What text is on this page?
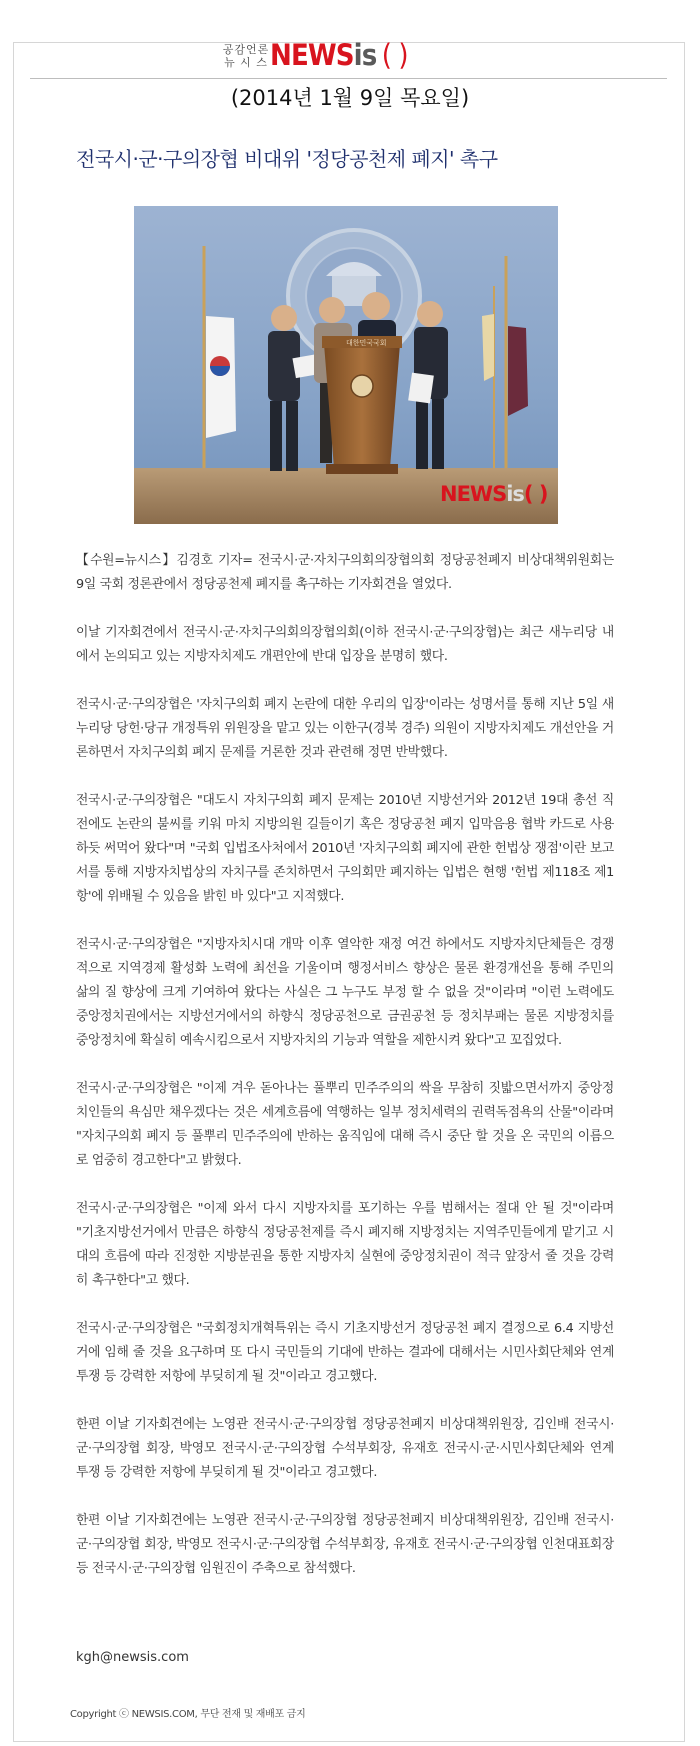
공감언론
뉴 시 스 NEWSis ( )
(2014년 1월 9일 목요일)
전국시·군·구의장협 비대위 '정당공천제 폐지' 촉구
대한민국국회
NEWSis( )

【수원=뉴시스】김경호 기자= 전국시·군·자치구의회의장협의회 정당공천폐지 비상대책위원회는 9일 국회 정론관에서 정당공천제 폐지를 촉구하는 기자회견을 열었다.

이날 기자회견에서 전국시·군·자치구의회의장협의회(이하 전국시·군·구의장협)는 최근 새누리당 내에서 논의되고 있는 지방자치제도 개편안에 반대 입장을 분명히 했다.

전국시·군·구의장협은 '자치구의회 폐지 논란에 대한 우리의 입장'이라는 성명서를 통해 지난 5일 새누리당 당헌·당규 개정특위 위원장을 맡고 있는 이한구(경북 경주) 의원이 지방자치제도 개선안을 거론하면서 자치구의회 폐지 문제를 거론한 것과 관련해 정면 반박했다.

전국시·군·구의장협은 "대도시 자치구의회 폐지 문제는 2010년 지방선거와 2012년 19대 총선 직전에도 논란의 불씨를 키워 마치 지방의원 길들이기 혹은 정당공천 폐지 입막음용 협박 카드로 사용하듯 써먹어 왔다"며 "국회 입법조사처에서 2010년 '자치구의회 폐지에 관한 헌법상 쟁점'이란 보고서를 통해 지방자치법상의 자치구를 존치하면서 구의회만 폐지하는 입법은 현행 '헌법 제118조 제1항'에 위배될 수 있음을 밝힌 바 있다"고 지적했다.

전국시·군·구의장협은 "지방자치시대 개막 이후 열악한 재정 여건 하에서도 지방자치단체들은 경쟁적으로 지역경제 활성화 노력에 최선을 기울이며 행정서비스 향상은 물론 환경개선을 통해 주민의 삶의 질 향상에 크게 기여하여 왔다는 사실은 그 누구도 부정 할 수 없을 것"이라며 "이런 노력에도 중앙정치권에서는 지방선거에서의 하향식 정당공천으로 금권공천 등 정치부패는 물론 지방정치를 중앙정치에 확실히 예속시킴으로서 지방자치의 기능과 역할을 제한시켜 왔다"고 꼬집었다.

전국시·군·구의장협은 "이제 겨우 돋아나는 풀뿌리 민주주의의 싹을 무참히 짓밟으면서까지 중앙정치인들의 욕심만 채우겠다는 것은 세계흐름에 역행하는 일부 정치세력의 권력독점욕의 산물"이라며 "자치구의회 폐지 등 풀뿌리 민주주의에 반하는 움직임에 대해 즉시 중단 할 것을 온 국민의 이름으로 엄중히 경고한다"고 밝혔다.

전국시·군·구의장협은 "이제 와서 다시 지방자치를 포기하는 우를 범해서는 절대 안 될 것"이라며 "기초지방선거에서 만큼은 하향식 정당공천제를 즉시 폐지해 지방정치는 지역주민들에게 맡기고 시대의 흐름에 따라 진정한 지방분권을 통한 지방자치 실현에 중앙정치권이 적극 앞장서 줄 것을 강력히 촉구한다"고 했다.

전국시·군·구의장협은 "국회정치개혁특위는 즉시 기초지방선거 정당공천 폐지 결정으로 6.4 지방선거에 임해 줄 것을 요구하며 또 다시 국민들의 기대에 반하는 결과에 대해서는 시민사회단체와 연계 투쟁 등 강력한 저항에 부딪히게 될 것"이라고 경고했다.

한편 이날 기자회견에는 노영관 전국시·군·구의장협 정당공천폐지 비상대책위원장, 김인배 전국시·군·구의장협 회장, 박영모 전국시·군·구의장협 수석부회장, 유재호 전국시·군·시민사회단체와 연계 투쟁 등 강력한 저항에 부딪히게 될 것"이라고 경고했다.

한편 이날 기자회견에는 노영관 전국시·군·구의장협 정당공천폐지 비상대책위원장, 김인배 전국시·군·구의장협 회장, 박영모 전국시·군·구의장협 수석부회장, 유재호 전국시·군·구의장협 인천대표회장 등 전국시·군·구의장협 임원진이 주축으로 참석했다.

kgh@newsis.com
Copyright ⓒ NEWSIS.COM, 무단 전재 및 재배포 금지
